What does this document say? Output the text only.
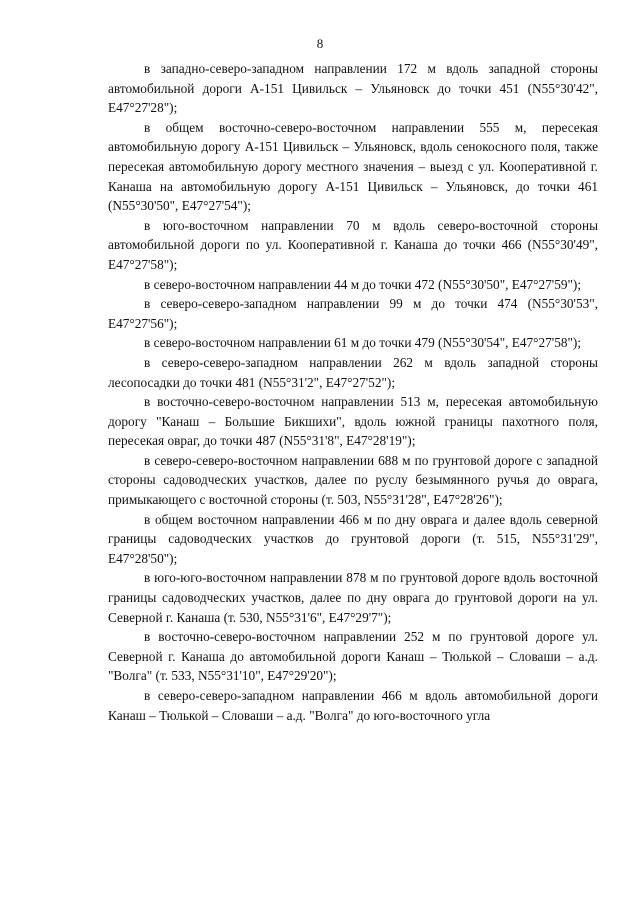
8

в западно-северо-западном направлении 172 м вдоль западной стороны автомобильной дороги А-151 Цивильск – Ульяновск до точки 451 (N55°30'42", E47°27'28");

в общем восточно-северо-восточном направлении 555 м, пересекая автомобильную дорогу А-151 Цивильск – Ульяновск, вдоль сенокосного поля, также пересекая автомобильную дорогу местного значения – выезд с ул. Кооперативной г. Канаша на автомобильную дорогу А-151 Цивильск – Ульяновск, до точки 461 (N55°30'50", E47°27'54");

в юго-восточном направлении 70 м вдоль северо-восточной стороны автомобильной дороги по ул. Кооперативной г. Канаша до точки 466 (N55°30'49", E47°27'58");

в северо-восточном направлении 44 м до точки 472 (N55°30'50", E47°27'59");

в северо-северо-западном направлении 99 м до точки 474 (N55°30'53", E47°27'56");

в северо-восточном направлении 61 м до точки 479 (N55°30'54", E47°27'58");

в северо-северо-западном направлении 262 м вдоль западной стороны лесопосадки до точки 481 (N55°31'2", E47°27'52");

в восточно-северо-восточном направлении 513 м, пересекая автомобильную дорогу "Канаш – Большие Бикшихи", вдоль южной границы пахотного поля, пересекая овраг, до точки 487 (N55°31'8", E47°28'19");

в северо-северо-восточном направлении 688 м по грунтовой дороге с западной стороны садоводческих участков, далее по руслу безымянного ручья до оврага, примыкающего с восточной стороны (т. 503, N55°31'28", E47°28'26");

в общем восточном направлении 466 м по дну оврага и далее вдоль северной границы садоводческих участков до грунтовой дороги (т. 515, N55°31'29", E47°28'50");

в юго-юго-восточном направлении 878 м по грунтовой дороге вдоль восточной границы садоводческих участков, далее по дну оврага до грунтовой дороги на ул. Северной г. Канаша (т. 530, N55°31'6", E47°29'7");

в восточно-северо-восточном направлении 252 м по грунтовой дороге ул. Северной г. Канаша до автомобильной дороги Канаш – Тюлькой – Словаши – а.д. "Волга" (т. 533, N55°31'10", E47°29'20");

в северо-северо-западном направлении 466 м вдоль автомобильной дороги Канаш – Тюлькой – Словаши – а.д. "Волга" до юго-восточного угла
